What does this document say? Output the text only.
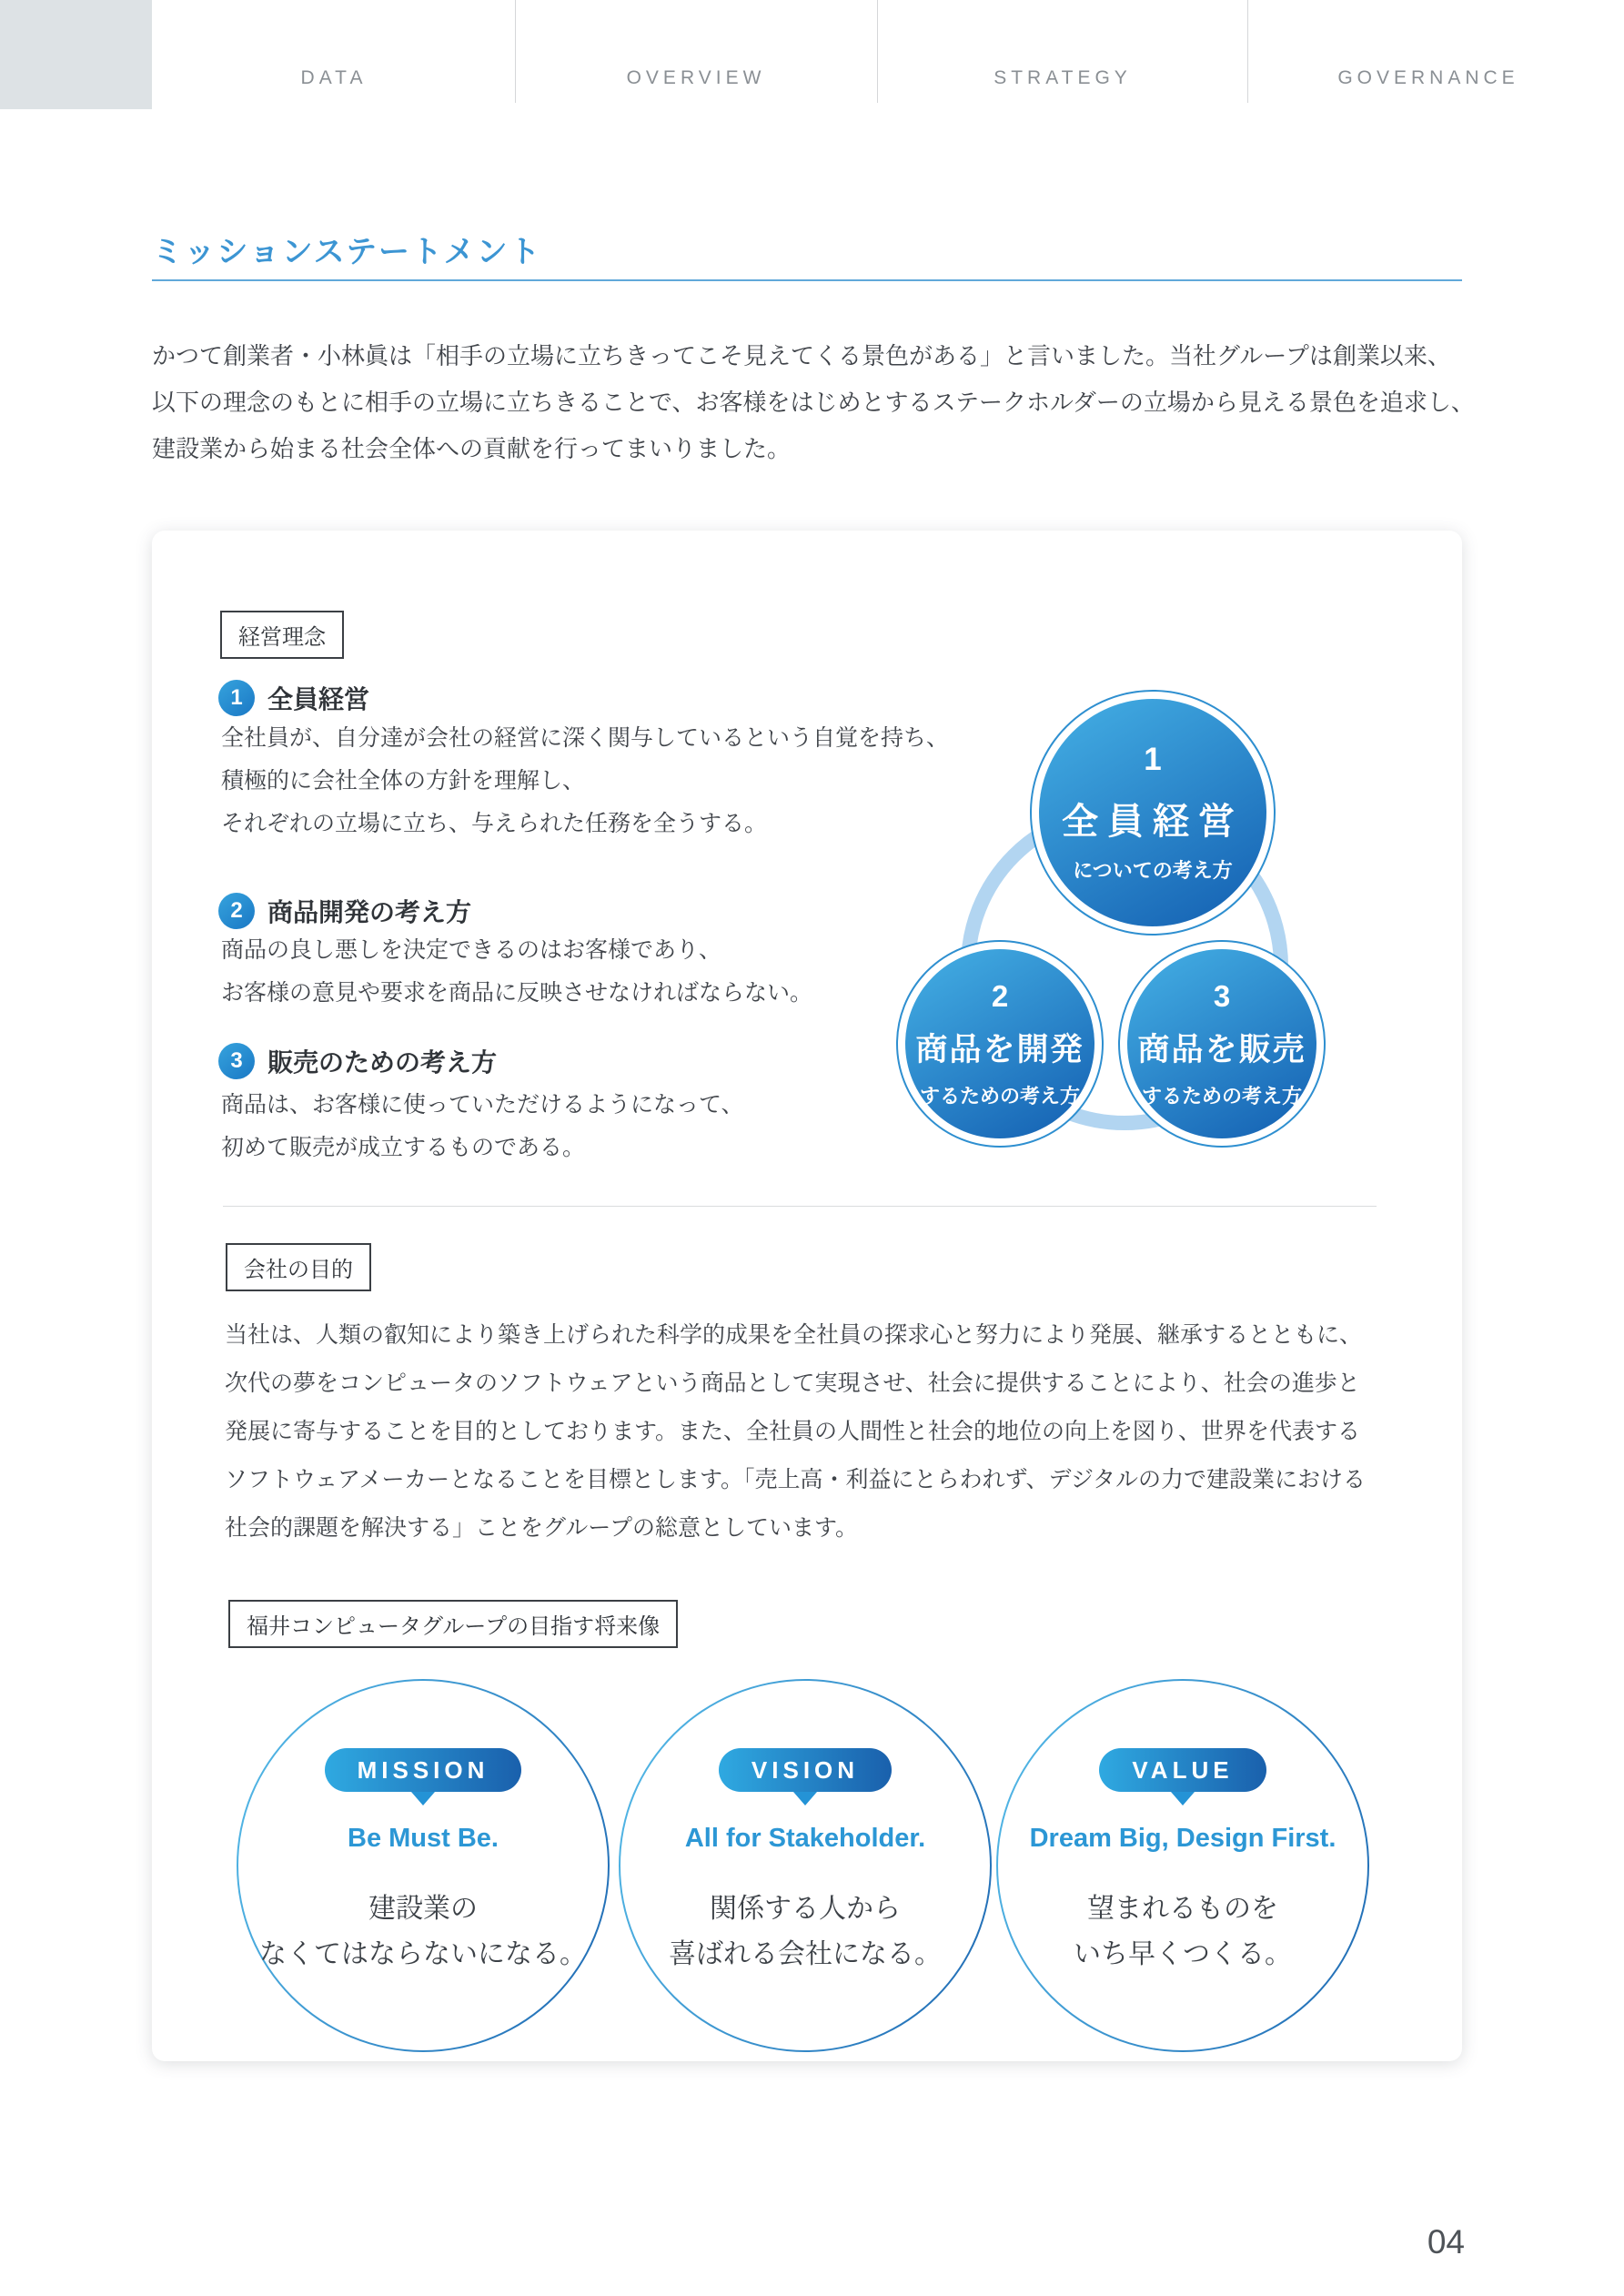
DATA	OVERVIEW	STRATEGY	GOVERNANCE
ミッションステートメント
かつて創業者・小林眞は「相手の立場に立ちきってこそ見えてくる景色がある」と言いました。当社グループは創業以来、
以下の理念のもとに相手の立場に立ちきることで、お客様をはじめとするステークホルダーの立場から見える景色を追求し、
建設業から始まる社会全体への貢献を行ってまいりました。
経営理念
1 全員経営
全社員が、自分達が会社の経営に深く関与しているという自覚を持ち、
積極的に会社全体の方針を理解し、
それぞれの立場に立ち、与えられた任務を全うする。
2 商品開発の考え方
商品の良し悪しを決定できるのはお客様であり、
お客様の意見や要求を商品に反映させなければならない。
3 販売のための考え方
商品は、お客様に使っていただけるようになって、
初めて販売が成立するものである。
1
全員経営
についての考え方
2
商品を開発
するための考え方
3
商品を販売
するための考え方
会社の目的
当社は、人類の叡知により築き上げられた科学的成果を全社員の探求心と努力により発展、継承するとともに、
次代の夢をコンピュータのソフトウェアという商品として実現させ、社会に提供することにより、社会の進歩と
発展に寄与することを目的としております。また、全社員の人間性と社会的地位の向上を図り、世界を代表する
ソフトウェアメーカーとなることを目標とします。「売上高・利益にとらわれず、デジタルの力で建設業における
社会的課題を解決する」ことをグループの総意としています。
福井コンピュータグループの目指す将来像
MISSION
Be Must Be.
建設業の
なくてはならないになる。
VISION
All for Stakeholder.
関係する人から
喜ばれる会社になる。
VALUE
Dream Big, Design First.
望まれるものを
いち早くつくる。
04
